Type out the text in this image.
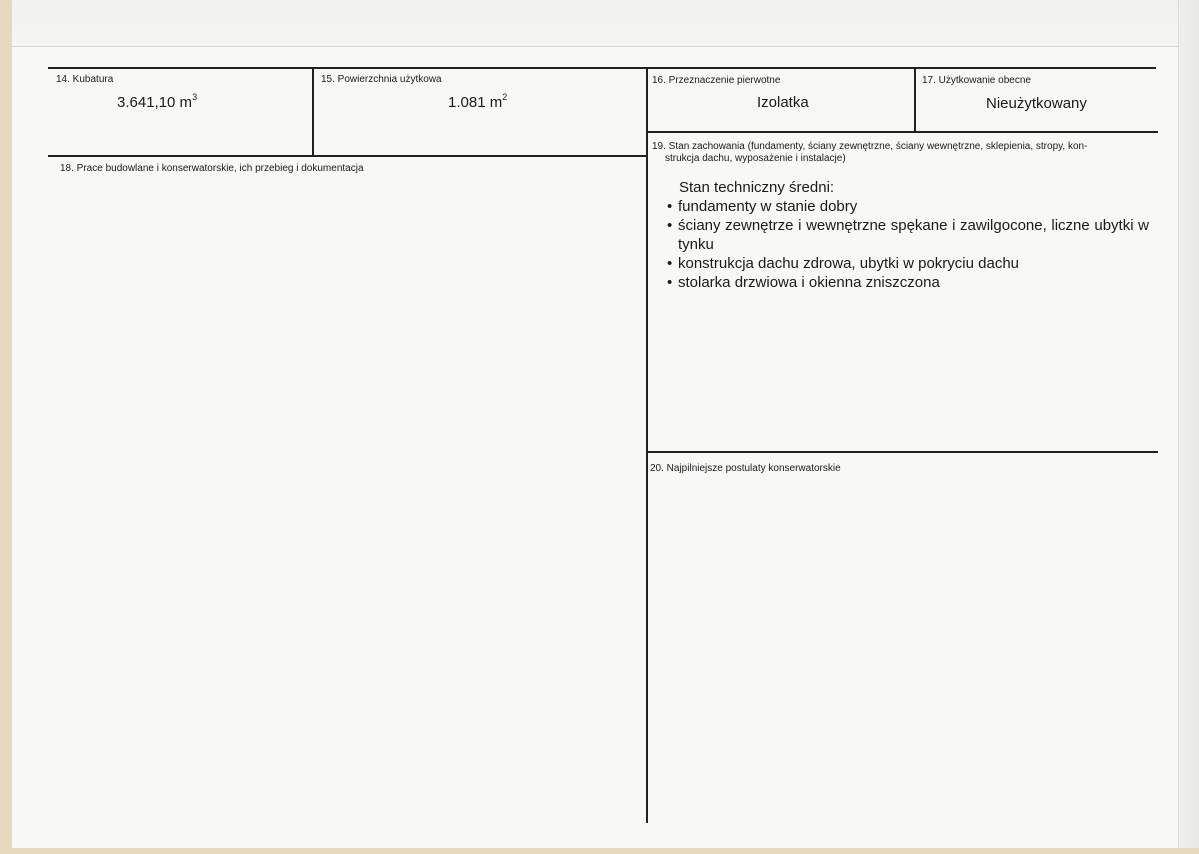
14. Kubatura
3.641,10 $m^3$
15. Powierzchnia użytkowa
1.081 $m^2$
16. Przeznaczenie pierwotne
Izolatka
17. Użytkowanie obecne
Nieużytkowany
18. Prace budowlane i konserwatorskie, ich przebieg i dokumentacja
19. Stan zachowania (fundamenty, ściany zewnętrzne, ściany wewnętrzne, sklepienia, stropy, kon-
strukcja dachu, wyposażenie i instalacje)
Stan techniczny średni:
• fundamenty w stanie dobry
• ściany zewnętrze i wewnętrzne spękane i zawilgocone, liczne ubytki w tynku
• konstrukcja dachu zdrowa, ubytki w pokryciu dachu
• stolarka drzwiowa i okienna zniszczona
20. Najpilniejsze postulaty konserwatorskie
